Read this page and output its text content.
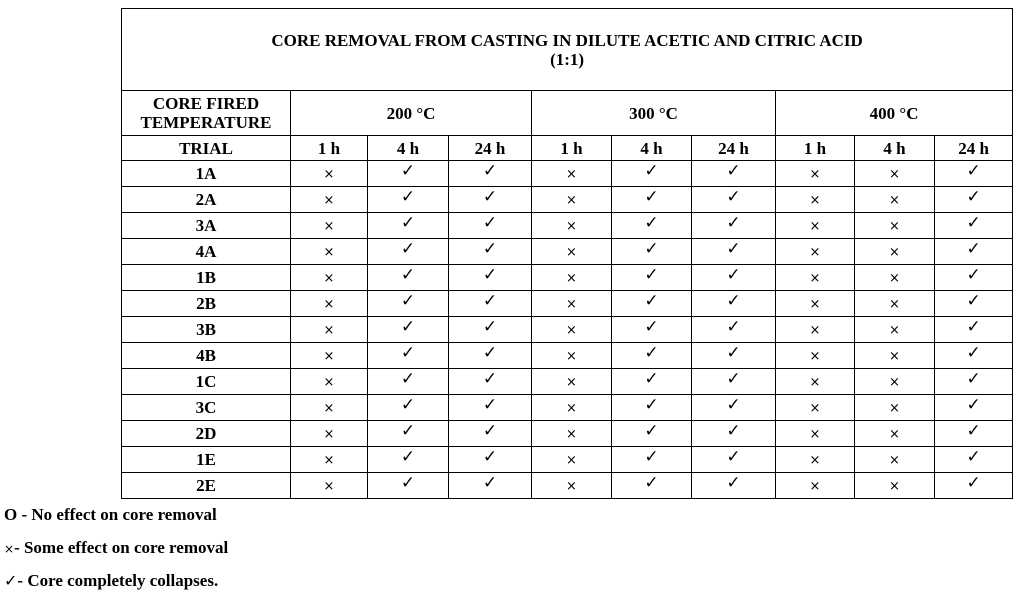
CORE REMOVAL FROM CASTING IN DILUTE ACETIC AND CITRIC ACID
(1:1)									

CORE FIRED
TEMPERATURE	200 °C			300 °C			400 °C		
TRIAL	1 h	4 h	24 h	1 h	4 h	24 h	1 h	4 h	24 h
1A	×	✓	✓	×	✓	✓	×	×	✓
2A	×	✓	✓	×	✓	✓	×	×	✓
3A	×	✓	✓	×	✓	✓	×	×	✓
4A	×	✓	✓	×	✓	✓	×	×	✓
1B	×	✓	✓	×	✓	✓	×	×	✓
2B	×	✓	✓	×	✓	✓	×	×	✓
3B	×	✓	✓	×	✓	✓	×	×	✓
4B	×	✓	✓	×	✓	✓	×	×	✓
1C	×	✓	✓	×	✓	✓	×	×	✓
3C	×	✓	✓	×	✓	✓	×	×	✓
2D	×	✓	✓	×	✓	✓	×	×	✓
1E	×	✓	✓	×	✓	✓	×	×	✓
2E	×	✓	✓	×	✓	✓	×	×	✓
O - No effect on core removal
×- Some effect on core removal
✓- Core completely collapses.
